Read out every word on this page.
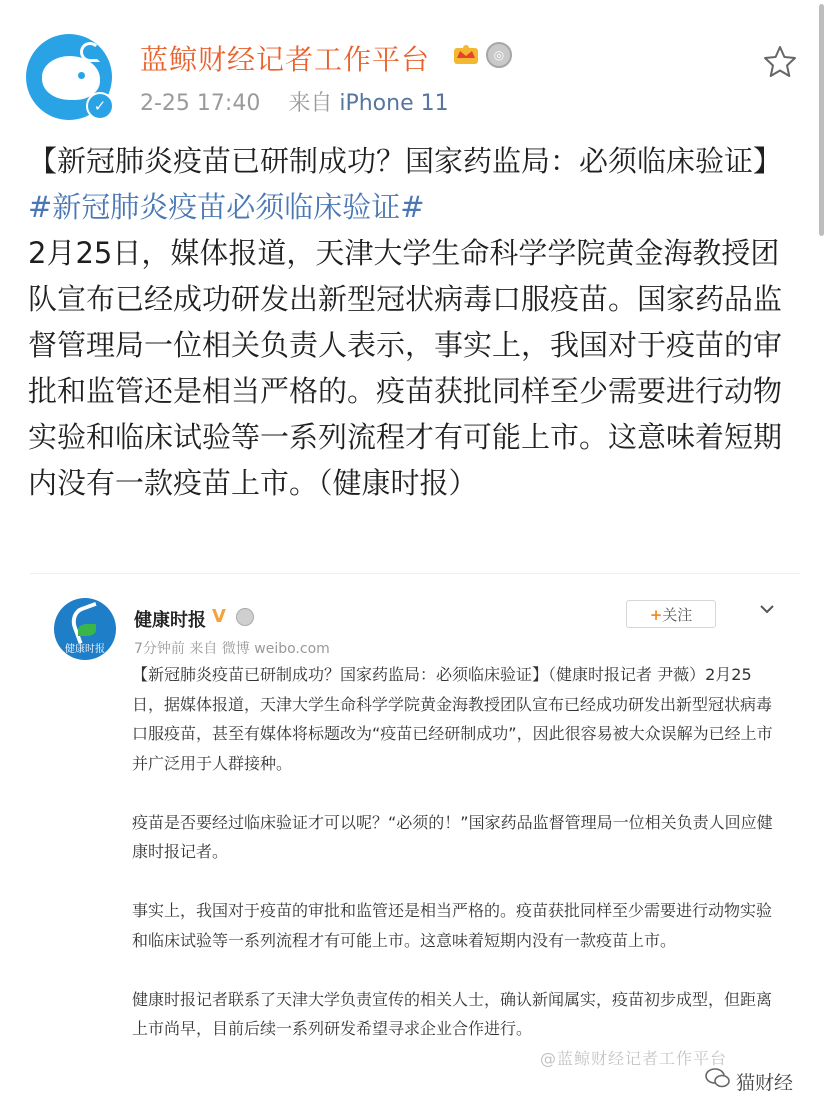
✓
蓝鲸财经记者工作平台	◎
2-25 17:40 来自 iPhone 11

【新冠肺炎疫苗已研制成功？国家药监局：必须临床验证】#新冠肺炎疫苗必须临床验证#
2月25日，媒体报道，天津大学生命科学学院黄金海教授团队宣布已经成功研发出新型冠状病毒口服疫苗。国家药品监督管理局一位相关负责人表示，事实上，我国对于疫苗的审批和监管还是相当严格的。疫苗获批同样至少需要进行动物实验和临床试验等一系列流程才有可能上市。这意味着短期内没有一款疫苗上市。（健康时报）

健康时报
健康时报 V
7分钟前 来自 微博 weibo.com
+关注

【新冠肺炎疫苗已研制成功？国家药监局：必须临床验证】（健康时报记者 尹薇）2月25日，据媒体报道，天津大学生命科学学院黄金海教授团队宣布已经成功研发出新型冠状病毒口服疫苗，甚至有媒体将标题改为“疫苗已经研制成功”，因此很容易被大众误解为已经上市并广泛用于人群接种。

疫苗是否要经过临床验证才可以呢？“必须的！”国家药品监督管理局一位相关负责人回应健康时报记者。

事实上，我国对于疫苗的审批和监管还是相当严格的。疫苗获批同样至少需要进行动物实验和临床试验等一系列流程才有可能上市。这意味着短期内没有一款疫苗上市。

健康时报记者联系了天津大学负责宣传的相关人士，确认新闻属实，疫苗初步成型，但距离上市尚早，目前后续一系列研发希望寻求企业合作进行。

@蓝鲸财经记者工作平台
猫财经
